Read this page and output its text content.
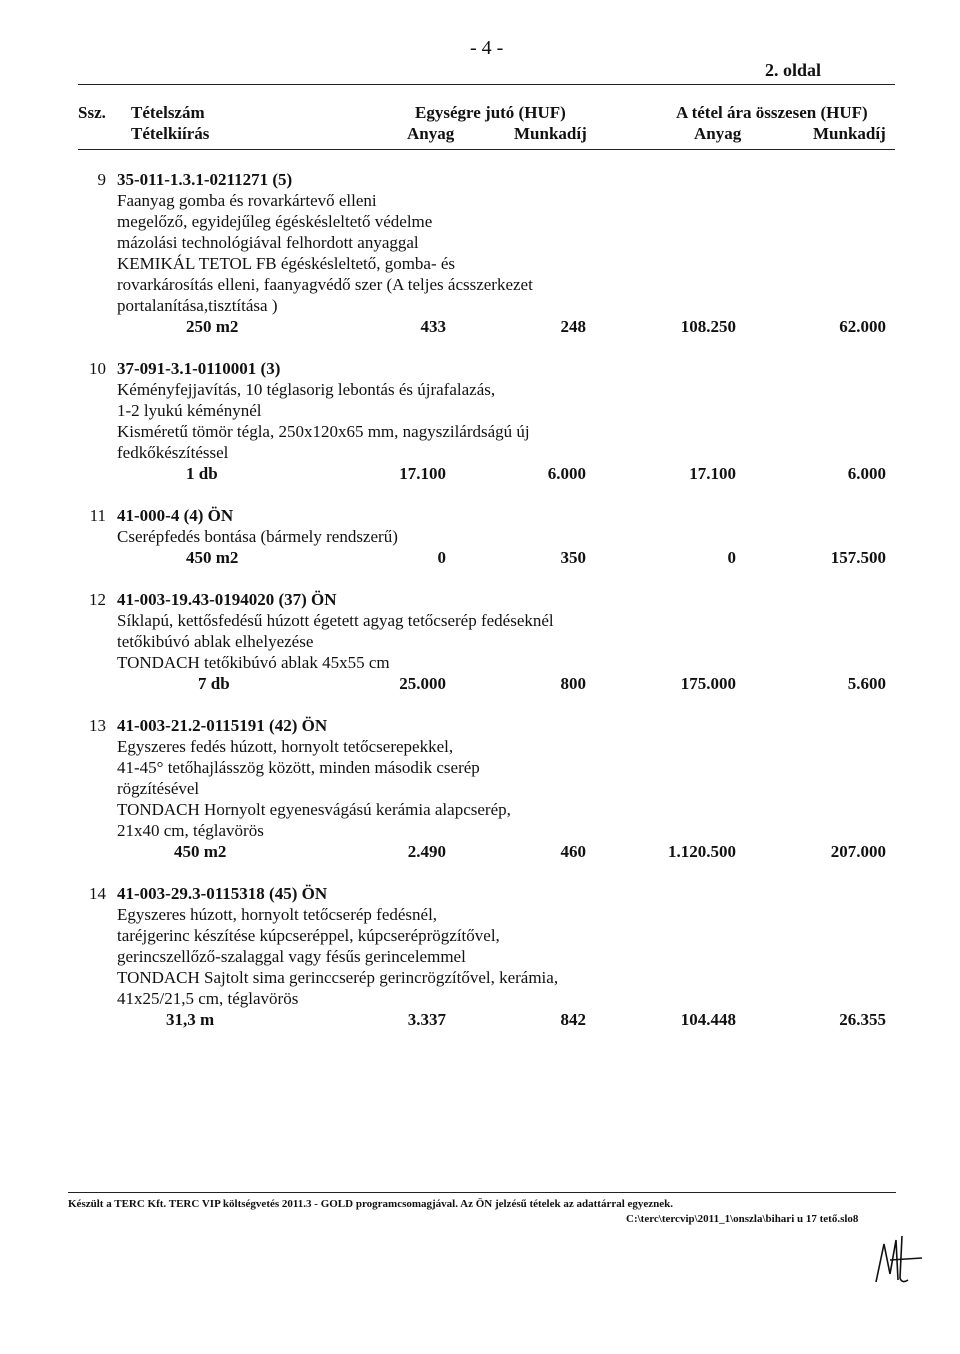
- 4 -
2. oldal
Ssz. Tételszám
Tételkiírás
Egységre jutó (HUF)
Anyag	Munkadíj
A tétel ára összesen (HUF)
Anyag	Munkadíj
9 35-011-1.3.1-0211271 (5)
Faanyag gomba és rovarkártevő elleni
megelőző, egyidejűleg égéskésleltető védelme
mázolási technológiával felhordott anyaggal
KEMIKÁL TETOL FB égéskésleltető, gomba- és
rovarkárosítás elleni, faanyagvédő szer (A teljes ácsszerkezet
portalanítása,tisztítása )
250 m2	433	248	108.250	62.000
10 37-091-3.1-0110001 (3)
Kéményfejjavítás, 10 téglasorig lebontás és újrafalazás,
1-2 lyukú kéménynél
Kisméretű tömör tégla, 250x120x65 mm, nagyszilárdságú új
fedkőkészítéssel
1 db	17.100	6.000	17.100	6.000
11 41-000-4 (4) ÖN
Cserépfedés bontása (bármely rendszerű)
450 m2	0	350	0	157.500
12 41-003-19.43-0194020 (37) ÖN
Síklapú, kettősfedésű húzott égetett agyag tetőcserép fedéseknél
tetőkibúvó ablak elhelyezése
TONDACH tetőkibúvó ablak 45x55 cm
7 db	25.000	800	175.000	5.600
13 41-003-21.2-0115191 (42) ÖN
Egyszeres fedés húzott, hornyolt tetőcserepekkel,
41-45° tetőhajlásszög között, minden második cserép
rögzítésével
TONDACH Hornyolt egyenesvágású kerámia alapcserép,
21x40 cm, téglavörös
450 m2	2.490	460	1.120.500	207.000
14 41-003-29.3-0115318 (45) ÖN
Egyszeres húzott, hornyolt tetőcserép fedésnél,
taréjgerinc készítése kúpcseréppel, kúpcseréprögzítővel,
gerincszellőző-szalaggal vagy fésűs gerincelemmel
TONDACH Sajtolt sima gerinccserép gerincrögzítővel, kerámia,
41x25/21,5 cm, téglavörös
31,3 m	3.337	842	104.448	26.355
Készült a TERC Kft. TERC VIP költségvetés 2011.3 - GOLD programcsomagjával. Az ÖN jelzésű tételek az adattárral egyeznek.
C:\terc\tercvip\2011_1\onszla\bihari u 17 tető.slo8
